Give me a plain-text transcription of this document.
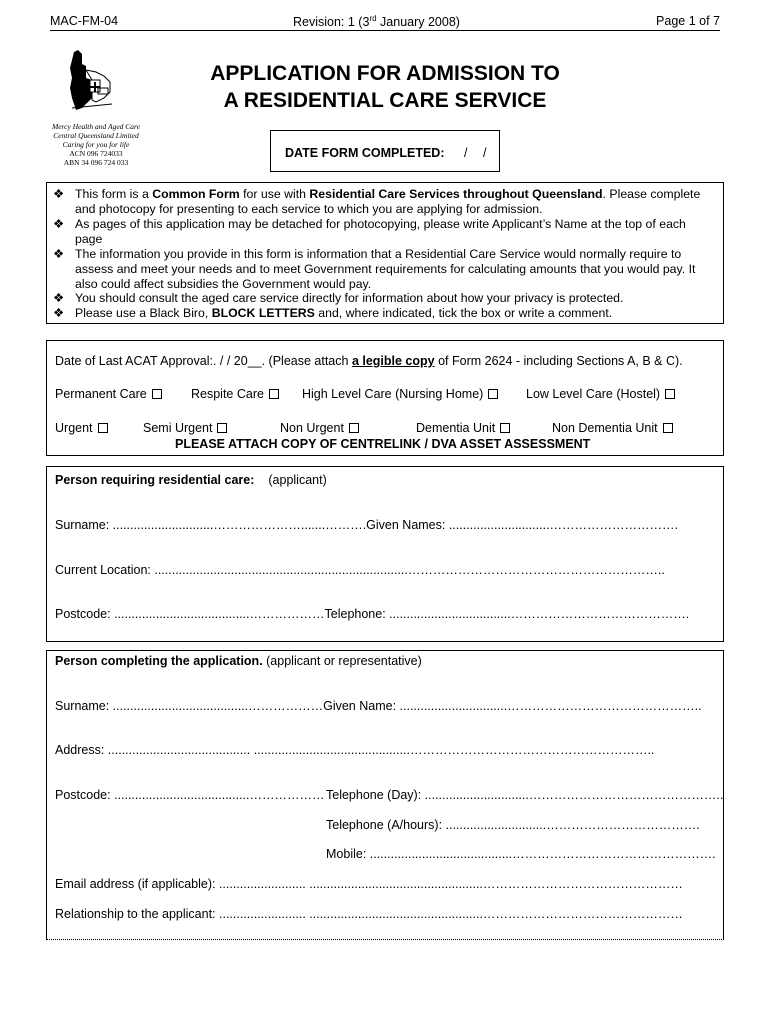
MAC-FM-04	Revision: 1 (3rd January 2008)	Page 1 of 7
Mercy Health and Aged Care
Central Queensland Limited
Caring for you for life
ACN 096 724033
ABN 34 096 724 033
APPLICATION FOR ADMISSION TO
A RESIDENTIAL CARE SERVICE
DATE FORM COMPLETED: / /
❖ This form is a Common Form for use with Residential Care Services throughout Queensland. Please complete
and photocopy for presenting to each service to which you are applying for admission.
❖ As pages of this application may be detached for photocopying, please write Applicant’s Name at the top of each
page
❖ The information you provide in this form is information that a Residential Care Service would normally require to
assess and meet your needs and to meet Government requirements for calculating amounts that you would pay. It
also could affect subsidies the Government would pay.
❖ You should consult the aged care service directly for information about how your privacy is protected.
❖ Please use a Black Biro, BLOCK LETTERS and, where indicated, tick the box or write a comment.
Date of Last ACAT Approval:. / / 20__. (Please attach a legible copy of Form 2624 - including Sections A, B & C).
Permanent Care	Respite Care	High Level Care (Nursing Home)	Low Level Care (Hostel)
Urgent	Semi Urgent	Non Urgent	Dementia Unit	Non Dementia Unit
PLEASE ATTACH COPY OF CENTRELINK / DVA ASSET ASSESSMENT
Person requiring residential care: (applicant)
Surname: .............................………………….......……….Given Names: .............................………………………….
Current Location: .........................................................................……………………………………………………..
Postcode: .......................................………………Telephone: ...................................…………………………………….
Person completing the application. (applicant or representative)
Surname: .......................................………………Given Name: ...............................………………………………………..
Address: ......................................... .............................................…………………………………………………..
Postcode: .......................................……………… Telephone (Day): ..............................………………………………………..
Telephone (A/hours): .............................……………………………….
Mobile: .........................................………………………………………….
Email address (if applicable): ......................... ..................................................…………………………………………
Relationship to the applicant: ......................... ..................................................…………………………………………
